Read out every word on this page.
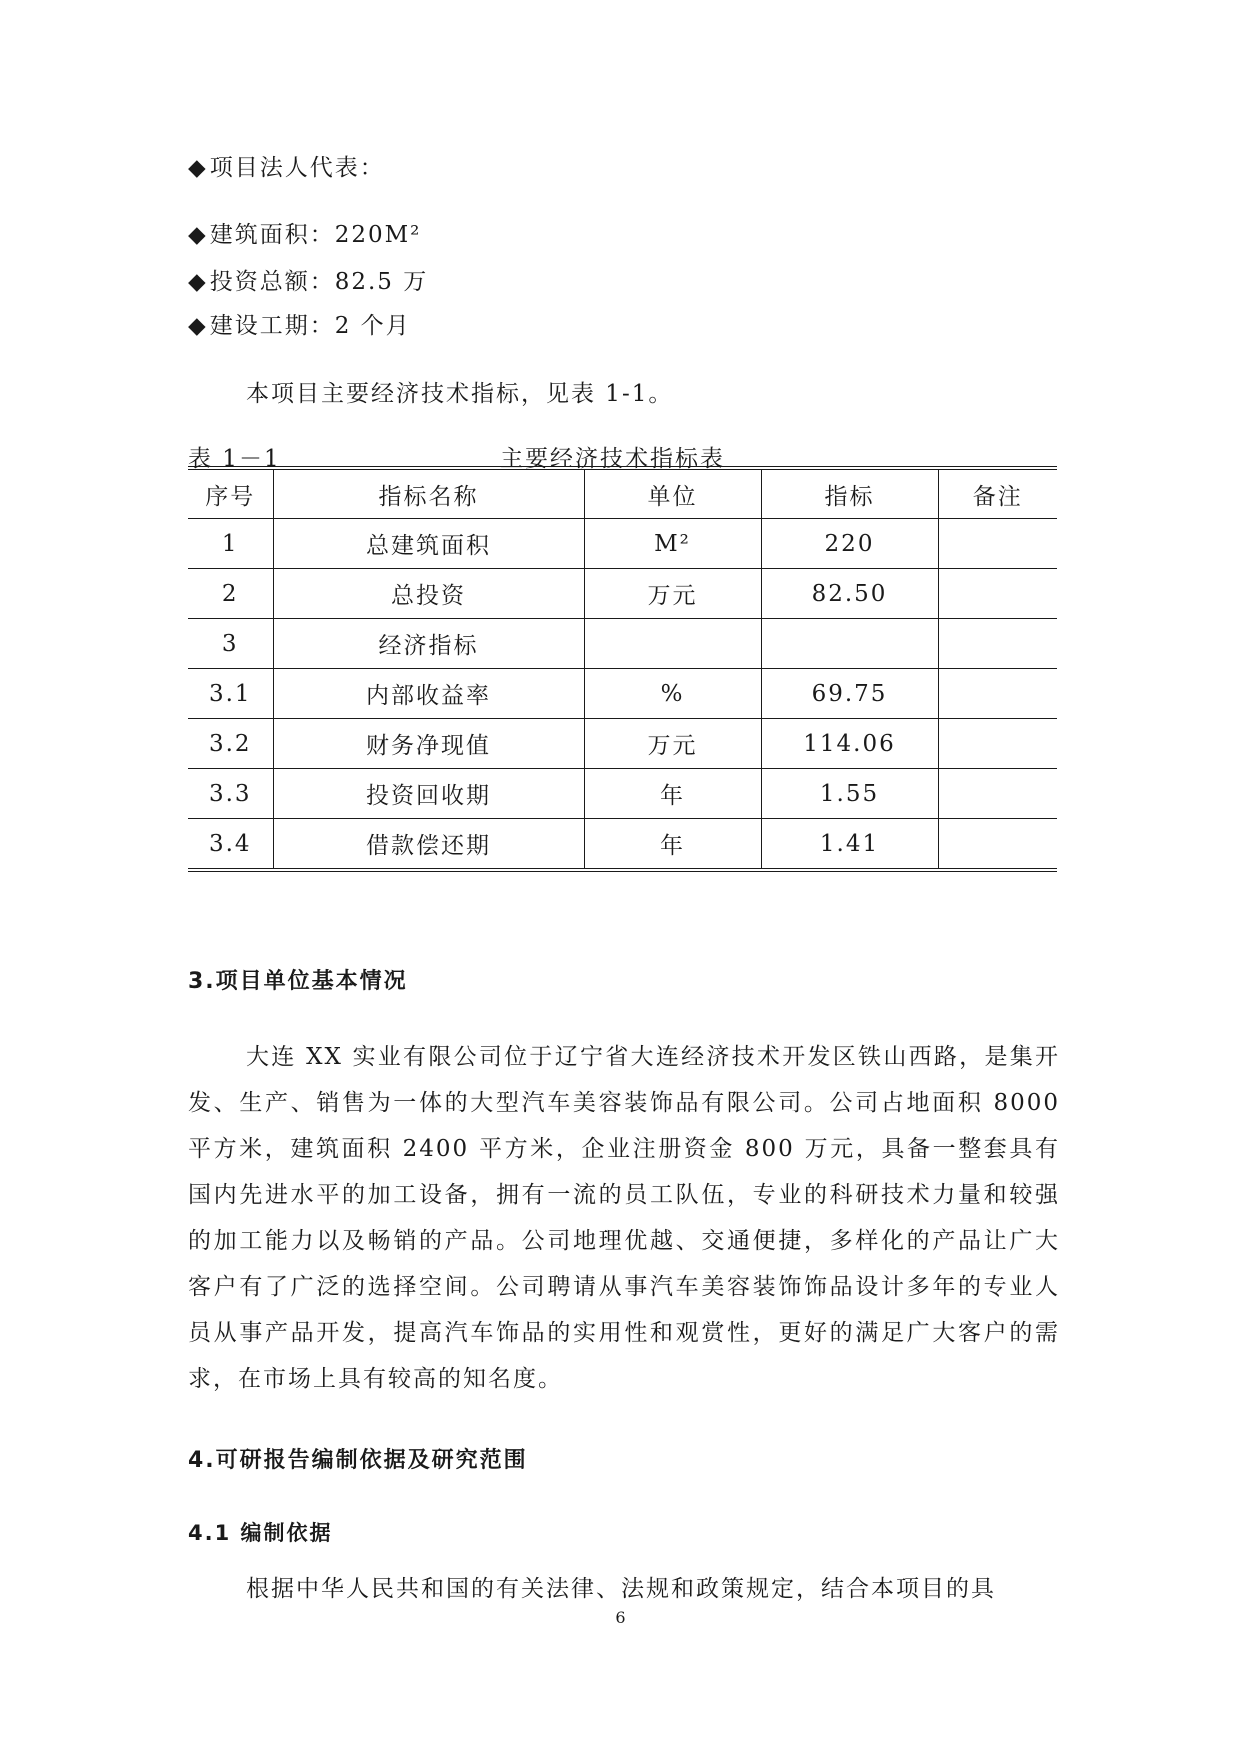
◆项目法人代表：
◆建筑面积：220M²
◆投资总额：82.5 万
◆建设工期：2 个月
本项目主要经济技术指标，见表 1-1。
表 1－1	主要经济技术指标表
序号	指标名称	单位	指标	备注
1	总建筑面积	M²	220	
2	总投资	万元	82.50	
3	经济指标			
3.1	内部收益率	%	69.75	
3.2	财务净现值	万元	114.06	
3.3	投资回收期	年	1.55	
3.4	借款偿还期	年	1.41	
3.项目单位基本情况

大连 XX 实业有限公司位于辽宁省大连经济技术开发区铁山西路，是集开发、生产、销售为一体的大型汽车美容装饰品有限公司。公司占地面积 8000 平方米，建筑面积 2400 平方米，企业注册资金 800 万元，具备一整套具有国内先进水平的加工设备，拥有一流的员工队伍，专业的科研技术力量和较强的加工能力以及畅销的产品。公司地理优越、交通便捷，多样化的产品让广大客户有了广泛的选择空间。公司聘请从事汽车美容装饰饰品设计多年的专业人员从事产品开发，提高汽车饰品的实用性和观赏性，更好的满足广大客户的需求，在市场上具有较高的知名度。

4.可研报告编制依据及研究范围
4.1 编制依据

根据中华人民共和国的有关法律、法规和政策规定，结合本项目的具

6
